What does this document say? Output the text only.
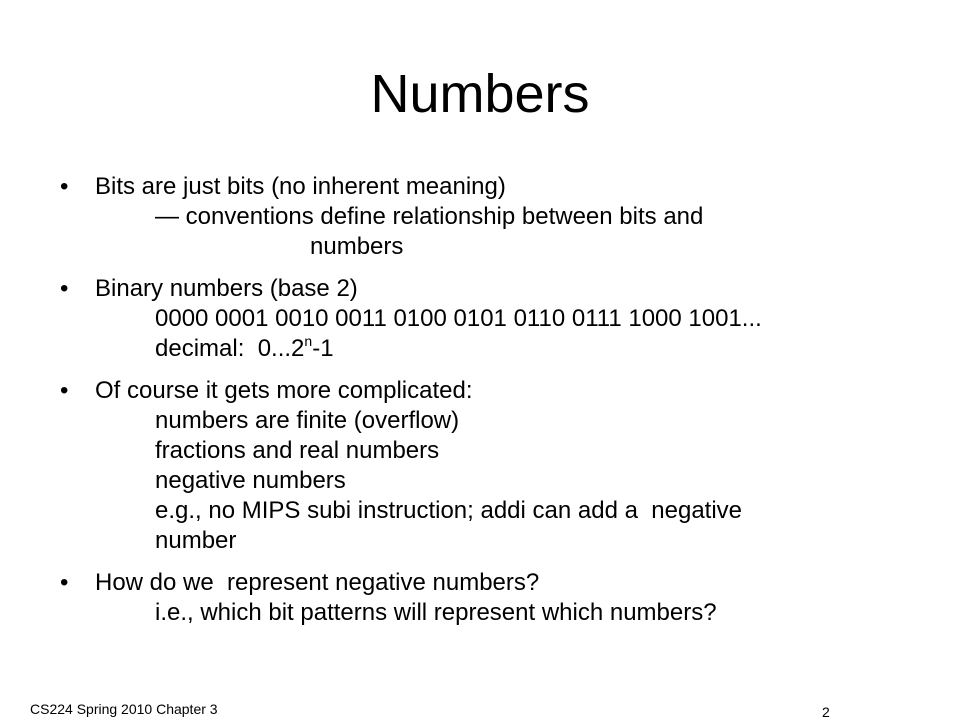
Numbers
• Bits are just bits (no inherent meaning)
— conventions define relationship between bits and
numbers
• Binary numbers (base 2)
0000 0001 0010 0011 0100 0101 0110 0111 1000 1001...
decimal:  0...2$^n$-1
• Of course it gets more complicated:
numbers are finite (overflow)
fractions and real numbers
negative numbers
e.g., no MIPS subi instruction; addi can add a  negative
number
• How do we  represent negative numbers?
i.e., which bit patterns will represent which numbers?
CS224 Spring 2010 Chapter 3	2
